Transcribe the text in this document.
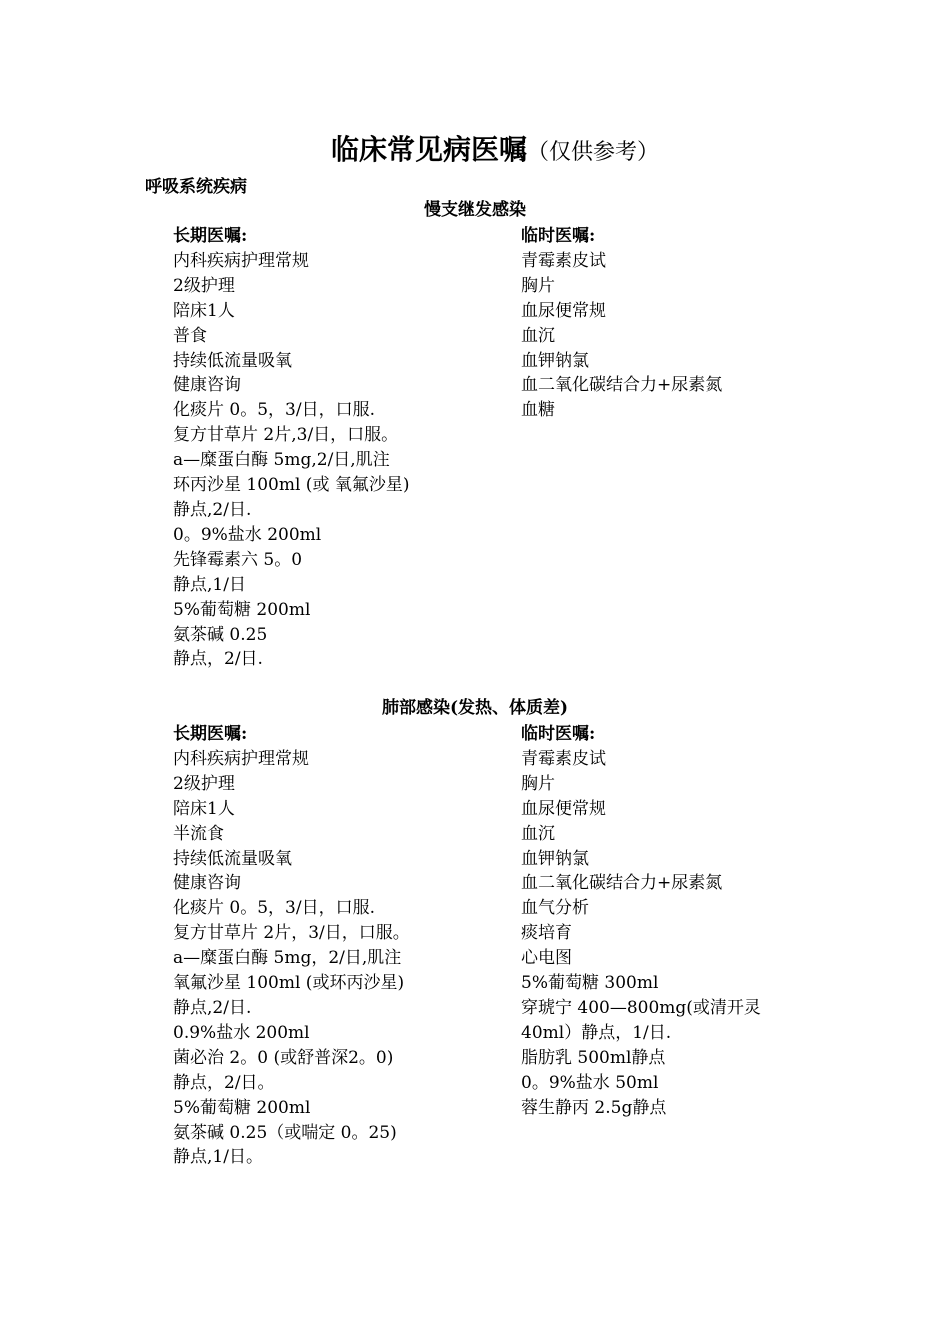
临床常见病医嘱（仅供参考）
呼吸系统疾病
慢支继发感染
长期医嘱:
内科疾病护理常规
2级护理
陪床1人
普食
持续低流量吸氧
健康咨询
化痰片 0。5，3/日，口服.
复方甘草片 2片,3/日，口服。
a—糜蛋白酶 5mg,2/日,肌注
环丙沙星 100ml (或 氧氟沙星)
静点,2/日.
0。9%盐水 200ml
先锋霉素六 5。0
静点,1/日
5%葡萄糖 200ml
氨茶碱 0.25
静点，2/日.
临时医嘱:
青霉素皮试
胸片
血尿便常规
血沉
血钾钠氯
血二氧化碳结合力+尿素氮
血糖
肺部感染(发热、体质差)
长期医嘱:
内科疾病护理常规
2级护理
陪床1人
半流食
持续低流量吸氧
健康咨询
化痰片 0。5，3/日，口服.
复方甘草片 2片，3/日，口服。
a—糜蛋白酶 5mg，2/日,肌注
氧氟沙星 100ml (或环丙沙星)
静点,2/日.
0.9%盐水 200ml
菌必治 2。0 (或舒普深2。0)
静点，2/日。
5%葡萄糖 200ml
氨茶碱 0.25（或喘定 0。25)
静点,1/日。
临时医嘱:
青霉素皮试
胸片
血尿便常规
血沉
血钾钠氯
血二氧化碳结合力+尿素氮
血气分析
痰培育
心电图
5%葡萄糖 300ml
穿琥宁 400—800mg(或清开灵
40ml）静点，1/日.
脂肪乳 500ml静点
0。9%盐水 50ml
蓉生静丙 2.5g静点
